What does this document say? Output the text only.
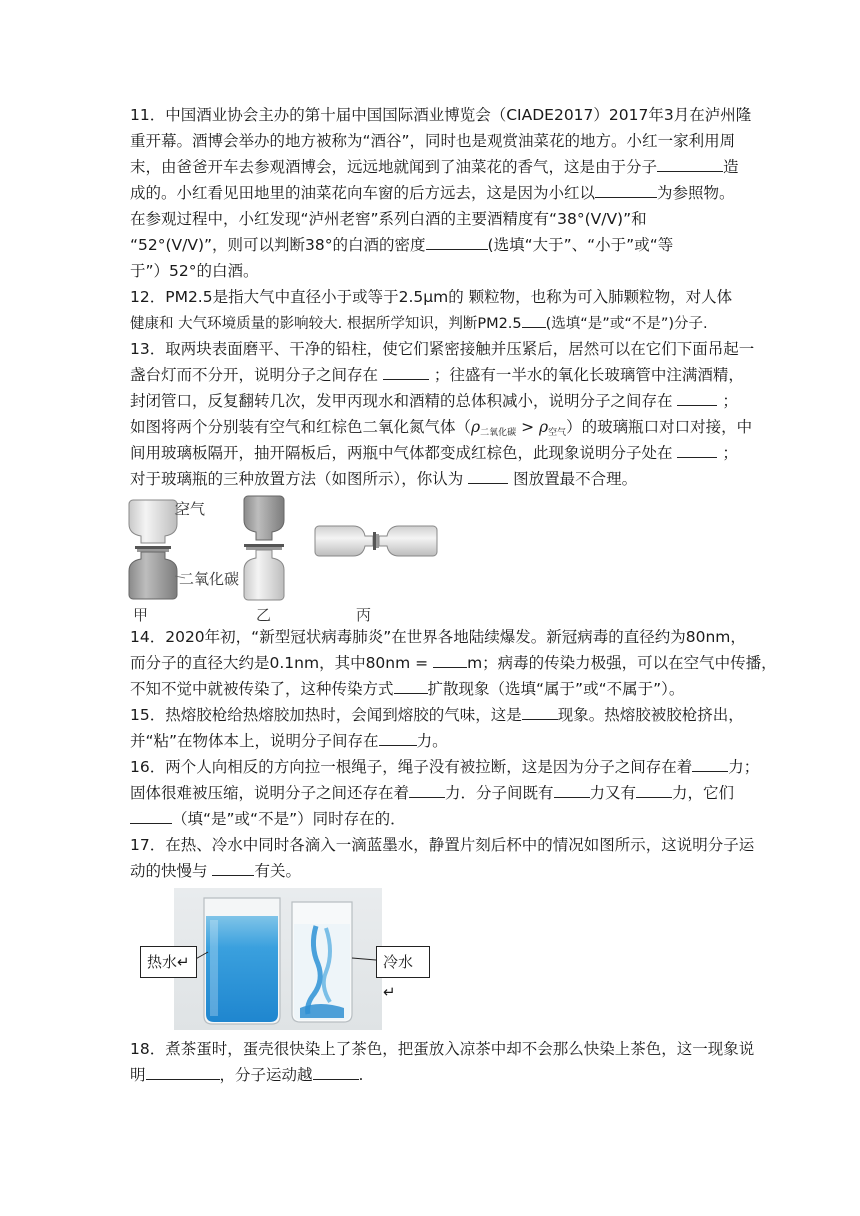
11．中国酒业协会主办的第十届中国国际酒业博览会（CIADE2017）2017年3月在泸州隆
重开幕。酒博会举办的地方被称为“酒谷”，同时也是观赏油菜花的地方。小红一家利用周
末，由爸爸开车去参观酒博会，远远地就闻到了油菜花的香气，这是由于分子	造
成的。小红看见田地里的油菜花向车窗的后方远去，这是因为小红以	为参照物。
在参观过程中，小红发现“泸州老窖”系列白酒的主要酒精度有“38°(V/V)”和
“52°(V/V)”，则可以判断38°的白酒的密度	(选填“大于”、“小于”或“等
于”）52°的白酒。
12．PM2.5是指大气中直径小于或等于2.5μm的 颗粒物，也称为可入肺颗粒物，对人体
健康和 大气环境质量的影响较大. 根据所学知识，判断PM2.5 (选填“是”或“不是”)分子.
13．取两块表面磨平、干净的铅柱，使它们紧密接触并压紧后，居然可以在它们下面吊起一
盏台灯而不分开，说明分子之间存在	；往盛有一半水的氧化长玻璃管中注满酒精，
封闭管口，反复翻转几次，发甲丙现水和酒精的总体积减小，说明分子之间存在	；
如图将两个分别装有空气和红棕色二氧化氮气体$(\rho_{二氧化碳} > \rho_{空气})$的玻璃瓶口对口对接，中
间用玻璃板隔开，抽开隔板后，两瓶中气体都变成红棕色，此现象说明分子处在	；
对于玻璃瓶的三种放置方法（如图所示），你认为	图放置最不合理。
空气
二氧化碳
甲	乙	丙
14．2020年初，“新型冠状病毒肺炎”在世界各地陆续爆发。新冠病毒的直径约为80nm，
而分子的直径大约是0.1nm，其中80nm =	m；病毒的传染力极强，可以在空气中传播，
不知不觉中就被传染了，这种传染方式 扩散现象（选填“属于”或“不属于”）。
15．热熔胶枪给热熔胶加热时，会闻到熔胶的气味，这是 现象。热熔胶被胶枪挤出，
并“粘”在物体本上，说明分子间存在 力。
16．两个人向相反的方向拉一根绳子，绳子没有被拉断，这是因为分子之间存在着 力；
固体很难被压缩，说明分子之间还存在着 力．分子间既有 力又有 力，它们
（填“是”或“不是”）同时存在的．
17．在热、冷水中同时各滴入一滴蓝墨水，静置片刻后杯中的情况如图所示，这说明分子运
动的快慢与	有关。
热水↵	冷水↵
18．煮茶蛋时，蛋壳很快染上了茶色，把蛋放入凉茶中却不会那么快染上茶色，这一现象说
明	，分子运动越	.
